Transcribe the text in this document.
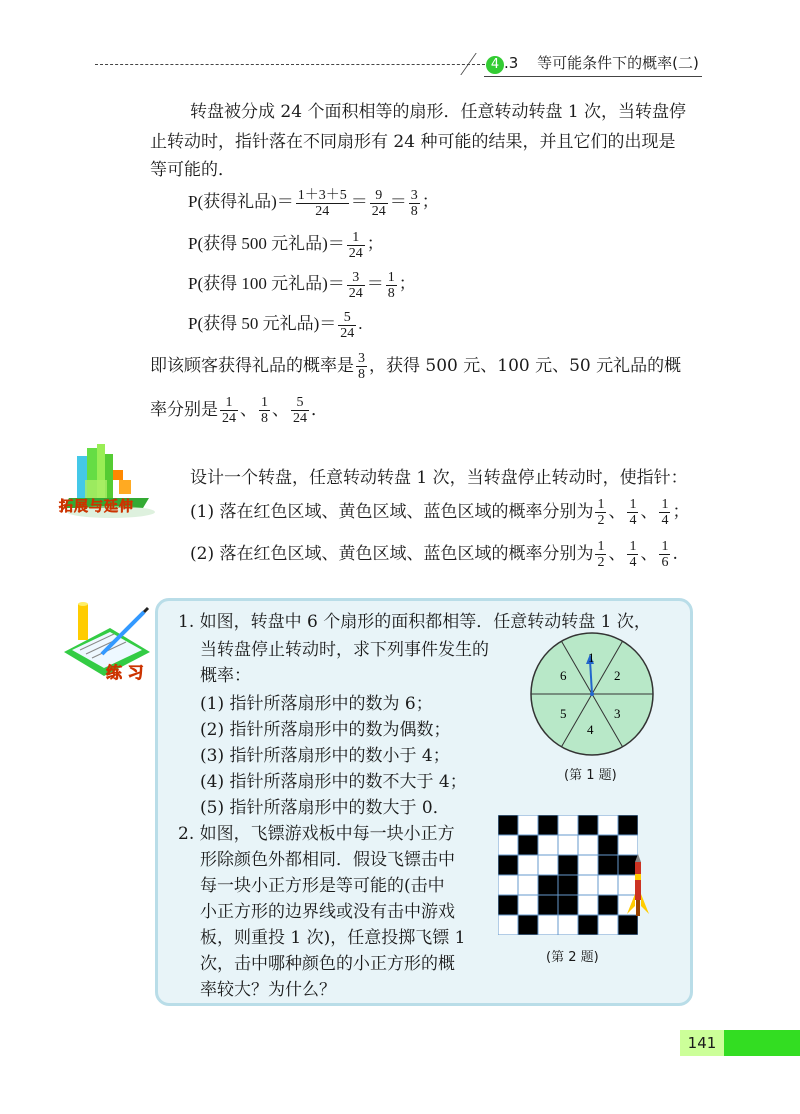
4 .3 等可能条件下的概率(二)
转盘被分成 24 个面积相等的扇形．任意转动转盘 1 次，当转盘停
止转动时，指针落在不同扇形有 24 种可能的结果，并且它们的出现是
等可能的．
P(获得礼品)＝ $\frac{1+3+5}{24} = \frac{9}{24} = \frac{3}{8}$ ；
P(获得 500 元礼品)＝ $\frac{1}{24}$ ；
P(获得 100 元礼品)＝ $\frac{3}{24} = \frac{1}{8}$ ；
P(获得 50 元礼品)＝ $\frac{5}{24}$ .
即该顾客获得礼品的概率是 $\frac{3}{8}$ ，获得 500 元、100 元、50 元礼品的概
率分别是 $\frac{1}{24}$ 、 $\frac{1}{8}$ 、 $\frac{5}{24}$ ．
拓展与延伸
设计一个转盘，任意转动转盘 1 次，当转盘停止转动时，使指针：
(1) 落在红色区域、黄色区域、蓝色区域的概率分别为 $\frac{1}{2}$ 、 $\frac{1}{4}$ 、 $\frac{1}{4}$ ；
(2) 落在红色区域、黄色区域、蓝色区域的概率分别为 $\frac{1}{2}$ 、 $\frac{1}{4}$ 、 $\frac{1}{6}$ .
练 习
1. 如图，转盘中 6 个扇形的面积都相等．任意转动转盘 1 次，
当转盘停止转动时，求下列事件发生的
概率：
(1) 指针所落扇形中的数为 6；
(2) 指针所落扇形中的数为偶数；
(3) 指针所落扇形中的数小于 4；
(4) 指针所落扇形中的数不大于 4；
(5) 指针所落扇形中的数大于 0．
1
2
3
4
5
6
(第 1 题)
2. 如图，飞镖游戏板中每一块小正方
形除颜色外都相同．假设飞镖击中
每一块小正方形是等可能的(击中
小正方形的边界线或没有击中游戏
板，则重投 1 次)，任意投掷飞镖 1
次，击中哪种颜色的小正方形的概
率较大？为什么？
(第 2 题)
141
